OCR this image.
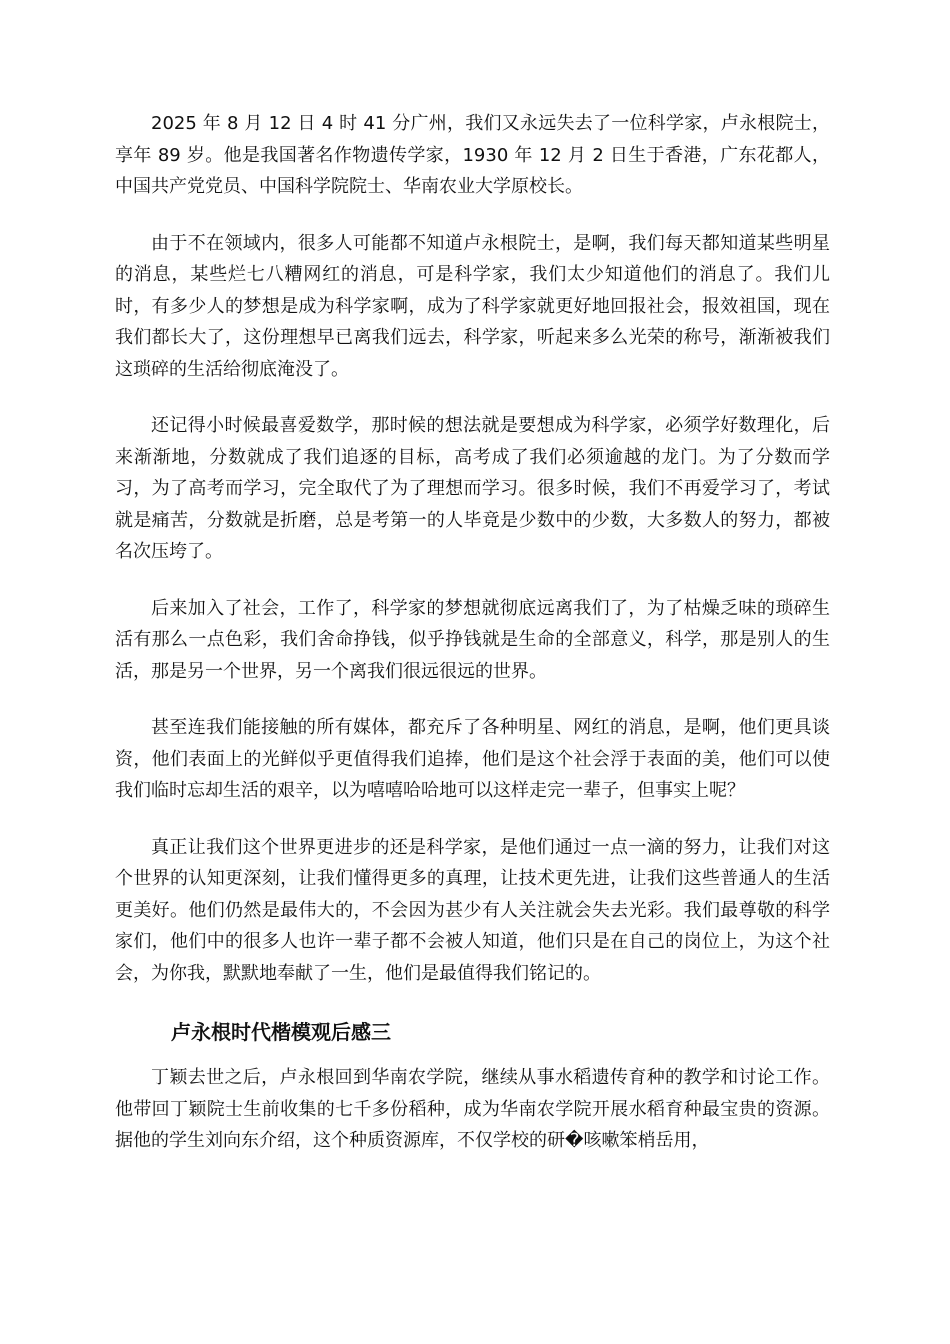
2025 年 8 月 12 日 4 时 41 分广州，我们又永远失去了一位科学家，卢永根院士，享年 89 岁。他是我国著名作物遗传学家，1930 年 12 月 2 日生于香港，广东花都人，中国共产党党员、中国科学院院士、华南农业大学原校长。

由于不在领域内，很多人可能都不知道卢永根院士，是啊，我们每天都知道某些明星的消息，某些烂七八糟网红的消息，可是科学家，我们太少知道他们的消息了。我们儿时，有多少人的梦想是成为科学家啊，成为了科学家就更好地回报社会，报效祖国，现在我们都长大了，这份理想早已离我们远去，科学家，听起来多么光荣的称号，渐渐被我们这琐碎的生活给彻底淹没了。

还记得小时候最喜爱数学，那时候的想法就是要想成为科学家，必须学好数理化，后来渐渐地，分数就成了我们追逐的目标，高考成了我们必须逾越的龙门。为了分数而学习，为了高考而学习，完全取代了为了理想而学习。很多时候，我们不再爱学习了，考试就是痛苦，分数就是折磨，总是考第一的人毕竟是少数中的少数，大多数人的努力，都被名次压垮了。

后来加入了社会，工作了，科学家的梦想就彻底远离我们了，为了枯燥乏味的琐碎生活有那么一点色彩，我们舍命挣钱，似乎挣钱就是生命的全部意义，科学，那是别人的生活，那是另一个世界，另一个离我们很远很远的世界。

甚至连我们能接触的所有媒体，都充斥了各种明星、网红的消息，是啊，他们更具谈资，他们表面上的光鲜似乎更值得我们追捧，他们是这个社会浮于表面的美，他们可以使我们临时忘却生活的艰辛，以为嘻嘻哈哈地可以这样走完一辈子，但事实上呢？

真正让我们这个世界更进步的还是科学家，是他们通过一点一滴的努力，让我们对这个世界的认知更深刻，让我们懂得更多的真理，让技术更先进，让我们这些普通人的生活更美好。他们仍然是最伟大的，不会因为甚少有人关注就会失去光彩。我们最尊敬的科学家们，他们中的很多人也许一辈子都不会被人知道，他们只是在自己的岗位上，为这个社会，为你我，默默地奉献了一生，他们是最值得我们铭记的。

卢永根时代楷模观后感三

丁颖去世之后，卢永根回到华南农学院，继续从事水稻遗传育种的教学和讨论工作。他带回丁颖院士生前收集的七千多份稻种，成为华南农学院开展水稻育种最宝贵的资源。据他的学生刘向东介绍，这个种质资源库，不仅学校的研�咳嗽笨梢岳用，
